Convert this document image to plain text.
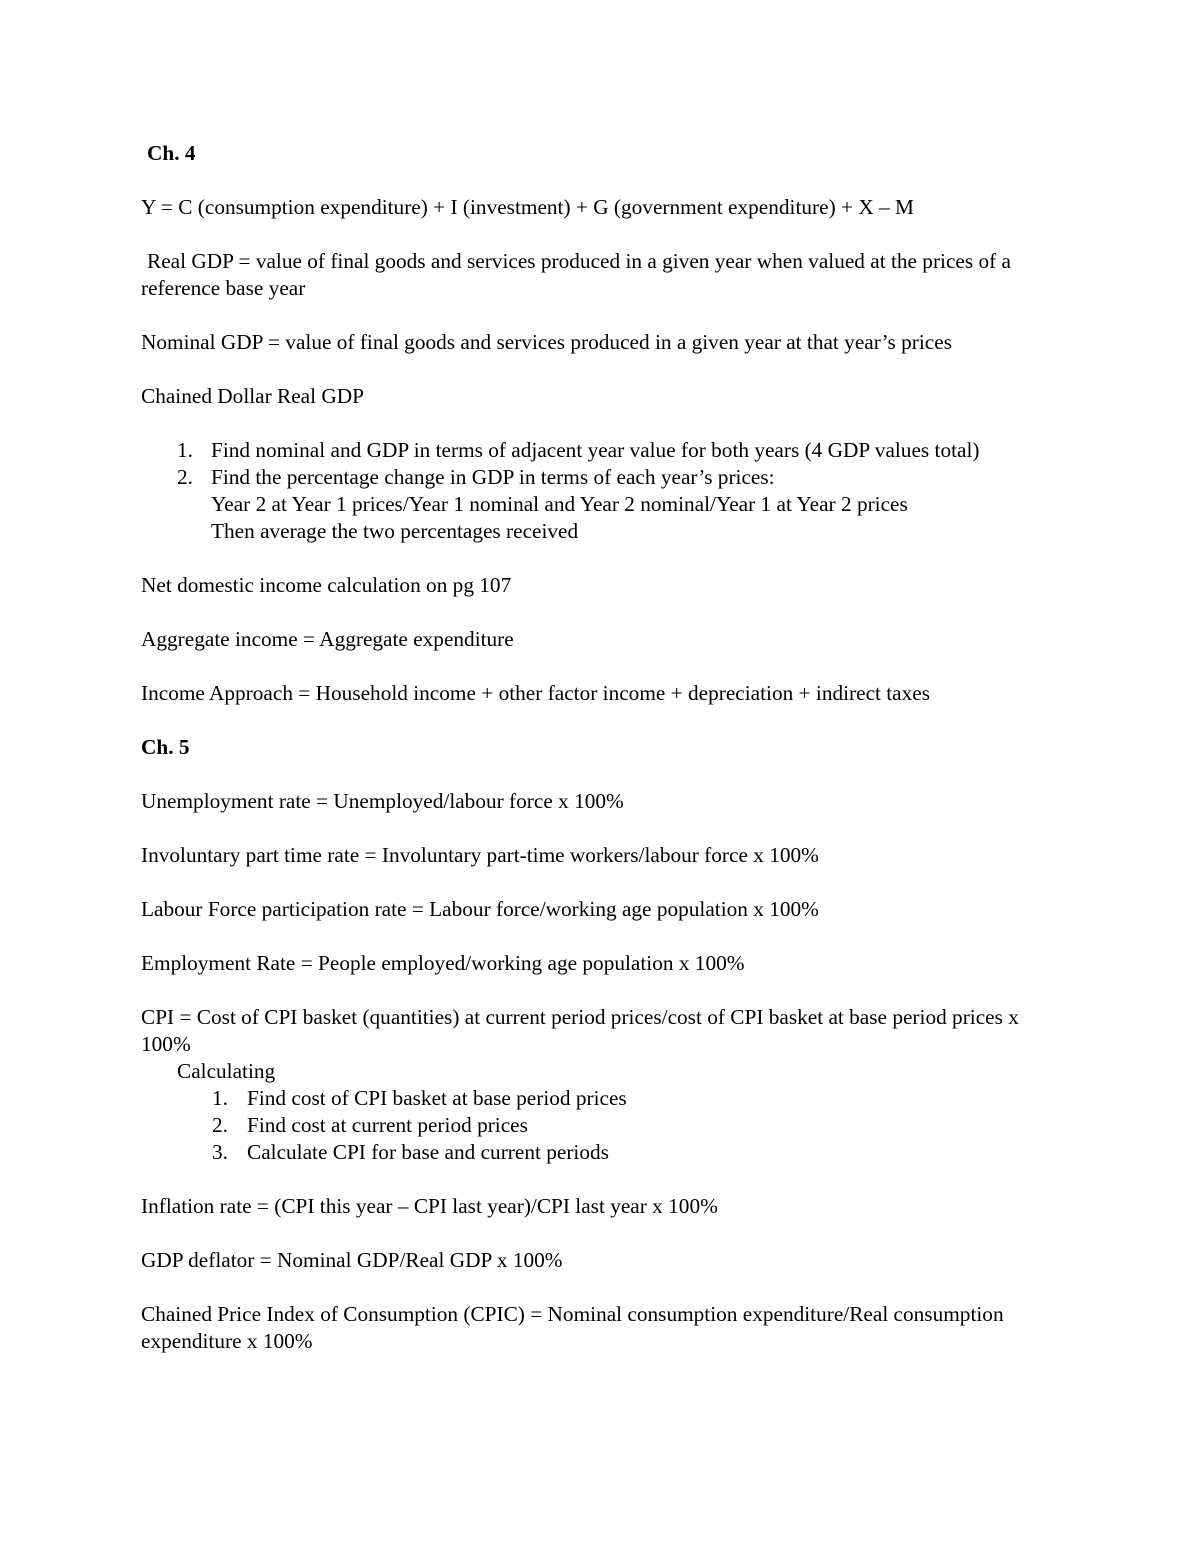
Ch. 4
Y = C (consumption expenditure) + I (investment) + G (government expenditure) + X – M
Real GDP = value of final goods and services produced in a given year when valued at the prices of a reference base year
Nominal GDP = value of final goods and services produced in a given year at that year’s prices
Chained Dollar Real GDP
1. Find nominal and GDP in terms of adjacent year value for both years (4 GDP values total)
2. Find the percentage change in GDP in terms of each year’s prices:
Year 2 at Year 1 prices/Year 1 nominal and Year 2 nominal/Year 1 at Year 2 prices
Then average the two percentages received
Net domestic income calculation on pg 107
Aggregate income = Aggregate expenditure
Income Approach = Household income + other factor income + depreciation + indirect taxes
Ch. 5
Unemployment rate = Unemployed/labour force x 100%
Involuntary part time rate = Involuntary part-time workers/labour force x 100%
Labour Force participation rate = Labour force/working age population x 100%
Employment Rate = People employed/working age population x 100%
CPI = Cost of CPI basket (quantities) at current period prices/cost of CPI basket at base period prices x 100%
Calculating
1. Find cost of CPI basket at base period prices
2. Find cost at current period prices
3. Calculate CPI for base and current periods
Inflation rate = (CPI this year – CPI last year)/CPI last year x 100%
GDP deflator = Nominal GDP/Real GDP x 100%
Chained Price Index of Consumption (CPIC) = Nominal consumption expenditure/Real consumption expenditure x 100%
